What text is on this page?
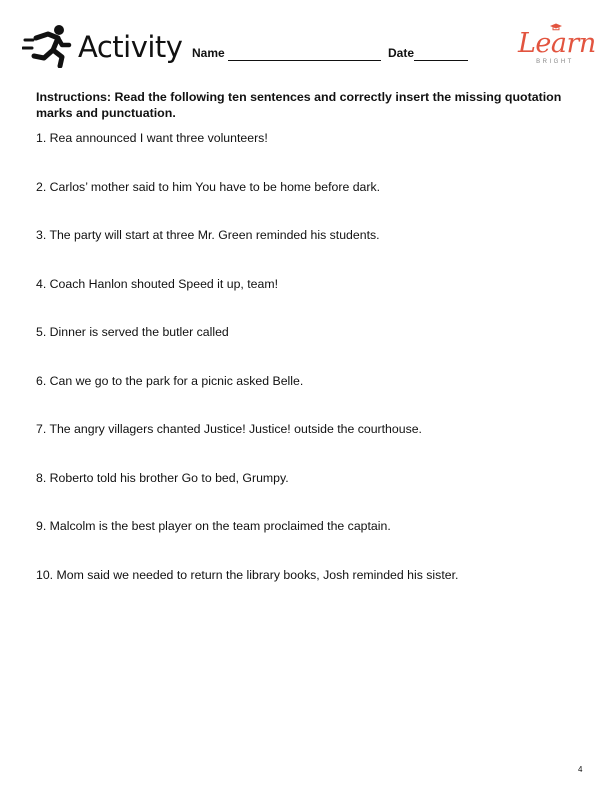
Activity Name	Date	Learn
BRIGHT
Instructions: Read the following ten sentences and correctly insert the missing quotation marks and punctuation.
1. Rea announced I want three volunteers!
2. Carlos’ mother said to him You have to be home before dark.
3. The party will start at three Mr. Green reminded his students.
4. Coach Hanlon shouted Speed it up, team!
5. Dinner is served the butler called
6. Can we go to the park for a picnic asked Belle.
7. The angry villagers chanted Justice! Justice! outside the courthouse.
8. Roberto told his brother Go to bed, Grumpy.
9. Malcolm is the best player on the team proclaimed the captain.
10. Mom said we needed to return the library books, Josh reminded his sister.
4
